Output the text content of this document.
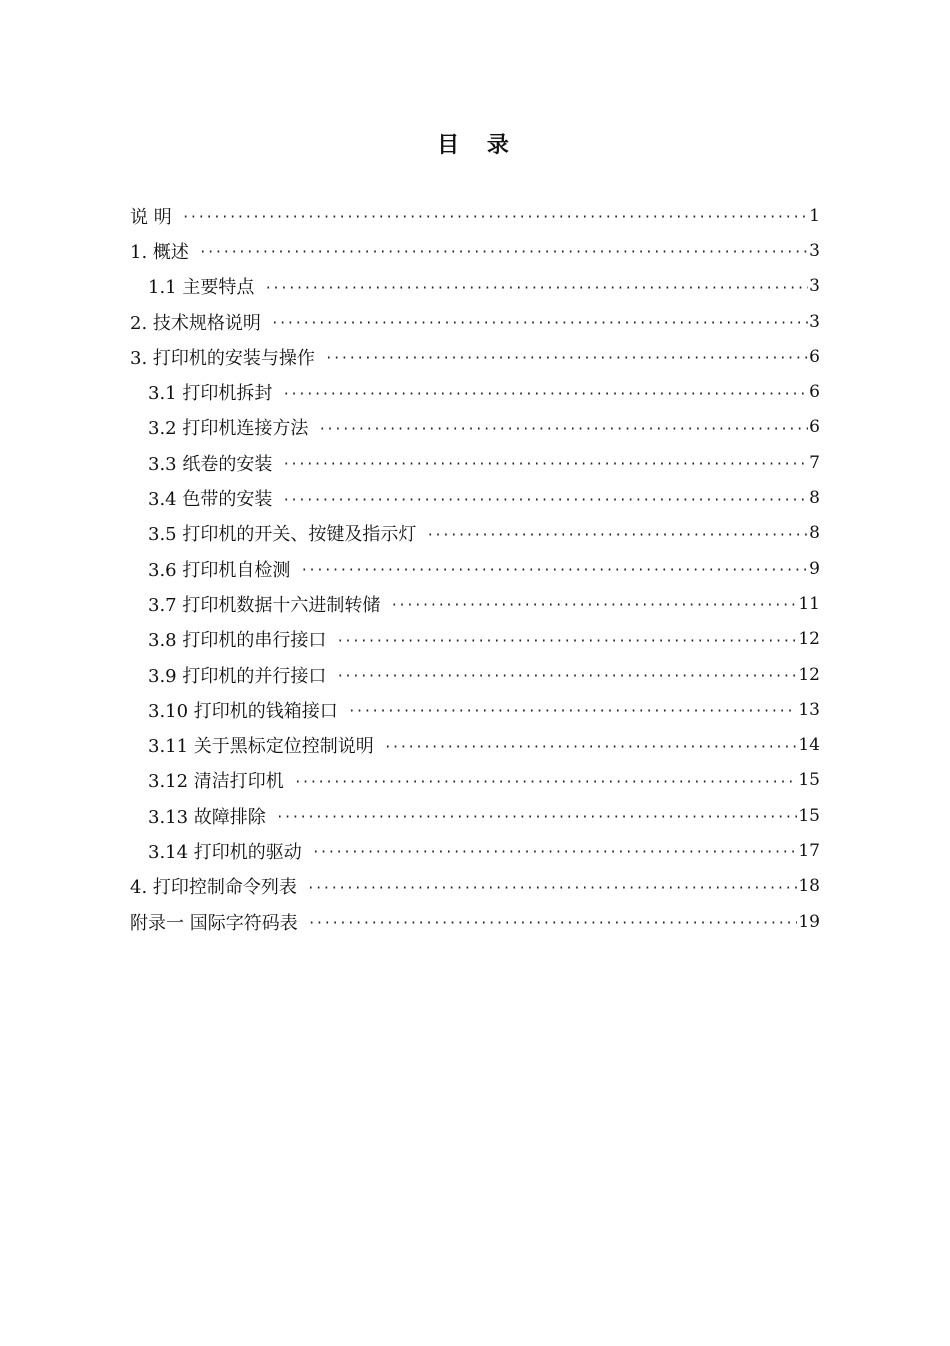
目 录
说 明 ·····	1
1. 概述 ·····	3
1.1 主要特点 ·····	3
2. 技术规格说明 ·····	3
3. 打印机的安装与操作 ·····	6
3.1 打印机拆封 ·····	6
3.2 打印机连接方法 ·····	6
3.3 纸卷的安装 ·····	7
3.4 色带的安装 ·····	8
3.5 打印机的开关、按键及指示灯 ·····	8
3.6 打印机自检测 ·····	9
3.7 打印机数据十六进制转储 ·····	11
3.8 打印机的串行接口 ·····	12
3.9 打印机的并行接口 ·····	12
3.10 打印机的钱箱接口 ·····	13
3.11 关于黑标定位控制说明 ·····	14
3.12 清洁打印机 ·····	15
3.13 故障排除 ·····	15
3.14 打印机的驱动 ·····	17
4. 打印控制命令列表 ·····	18
附录一 国际字符码表 ·····	19
